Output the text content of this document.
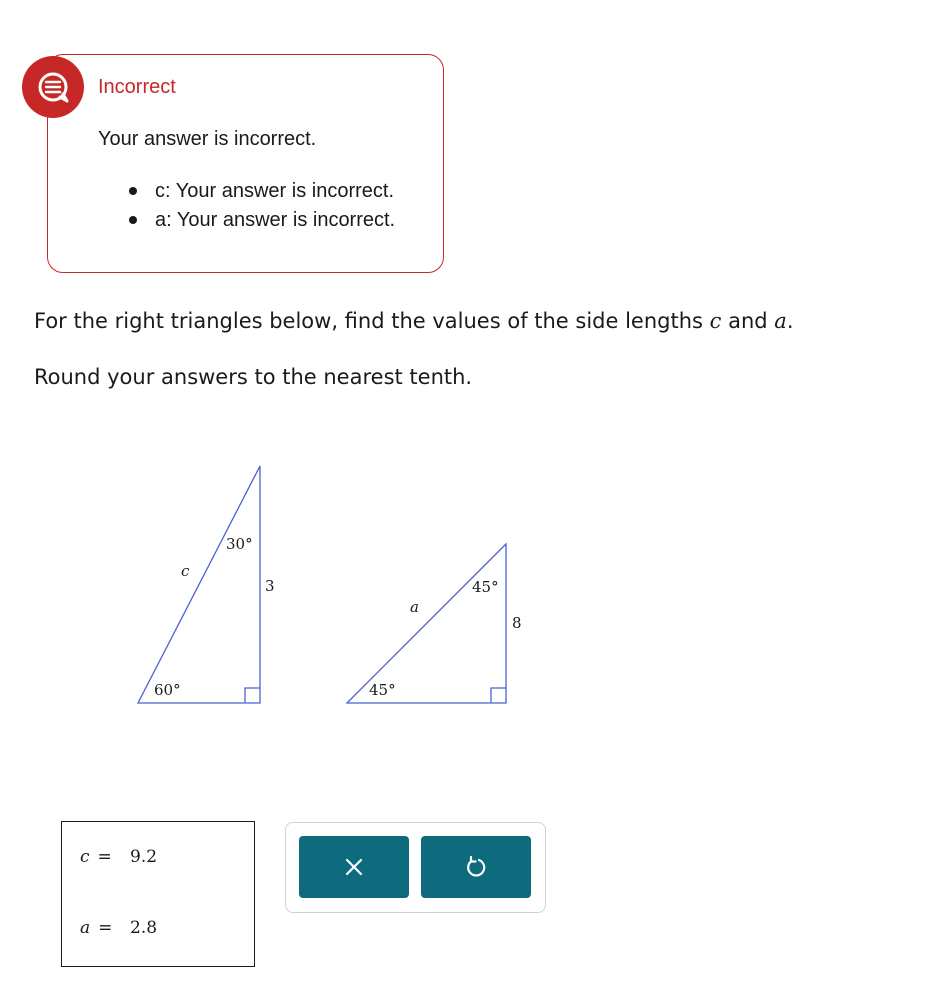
Incorrect
Your answer is incorrect.
c: Your answer is incorrect.
a: Your answer is incorrect.
For the right triangles below, find the values of the side lengths c and a.
Round your answers to the nearest tenth.
c
3
30°
60°
a
8
45°
45°
c = 9.2
a = 2.8
